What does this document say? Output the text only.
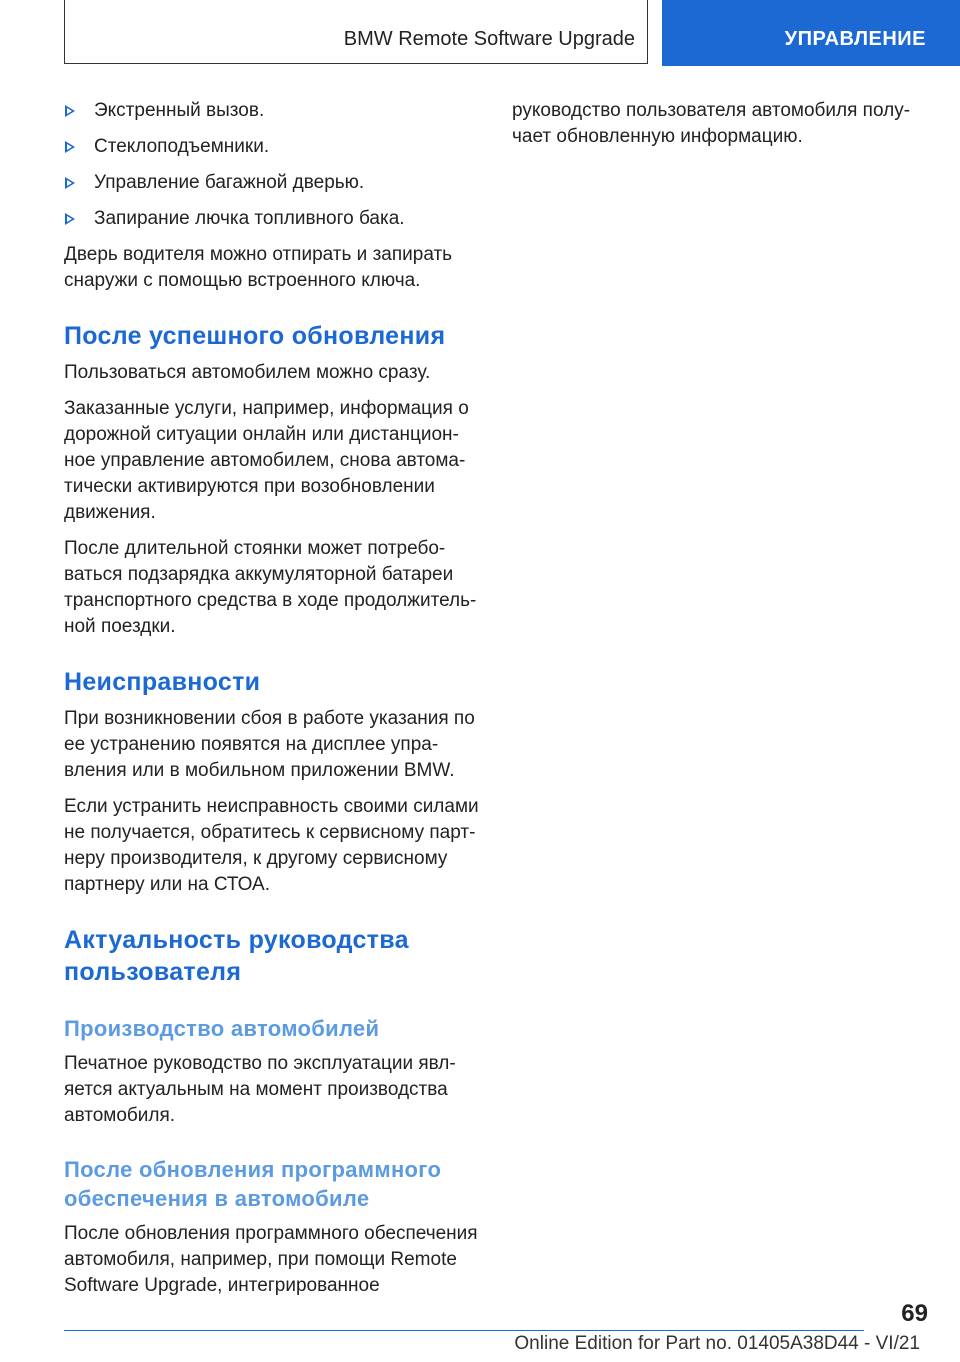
BMW Remote Software Upgrade	УПРАВЛЕНИЕ
Экстренный вызов.
Стеклоподъемники.
Управление багажной дверью.
Запирание лючка топливного бака.

Дверь водителя можно отпирать и запирать снаружи с помощью встроенного ключа.

После успешного обновления

Пользоваться автомобилем можно сразу.

Заказанные услуги, например, информация о дорожной ситуации онлайн или дистанционное управление автомобилем, снова автоматически активируются при возобновлении движения.

После длительной стоянки может потребоваться подзарядка аккумуляторной батареи транспортного средства в ходе продолжительной поездки.

Неисправности

При возникновении сбоя в работе указания по ее устранению появятся на дисплее управления или в мобильном приложении BMW.

Если устранить неисправность своими силами не получается, обратитесь к сервисному партнеру производителя, к другому сервисному партнеру или на СТОА.

Актуальность руководства пользователя
Производство автомобилей

Печатное руководство по эксплуатации является актуальным на момент производства автомобиля.

После обновления программного обеспечения в автомобиле

После обновления программного обеспечения автомобиля, например, при помощи Remote Software Upgrade, интегрированное

руководство пользователя автомобиля получает обновленную информацию.

69
Online Edition for Part no. 01405A38D44 - VI/21
